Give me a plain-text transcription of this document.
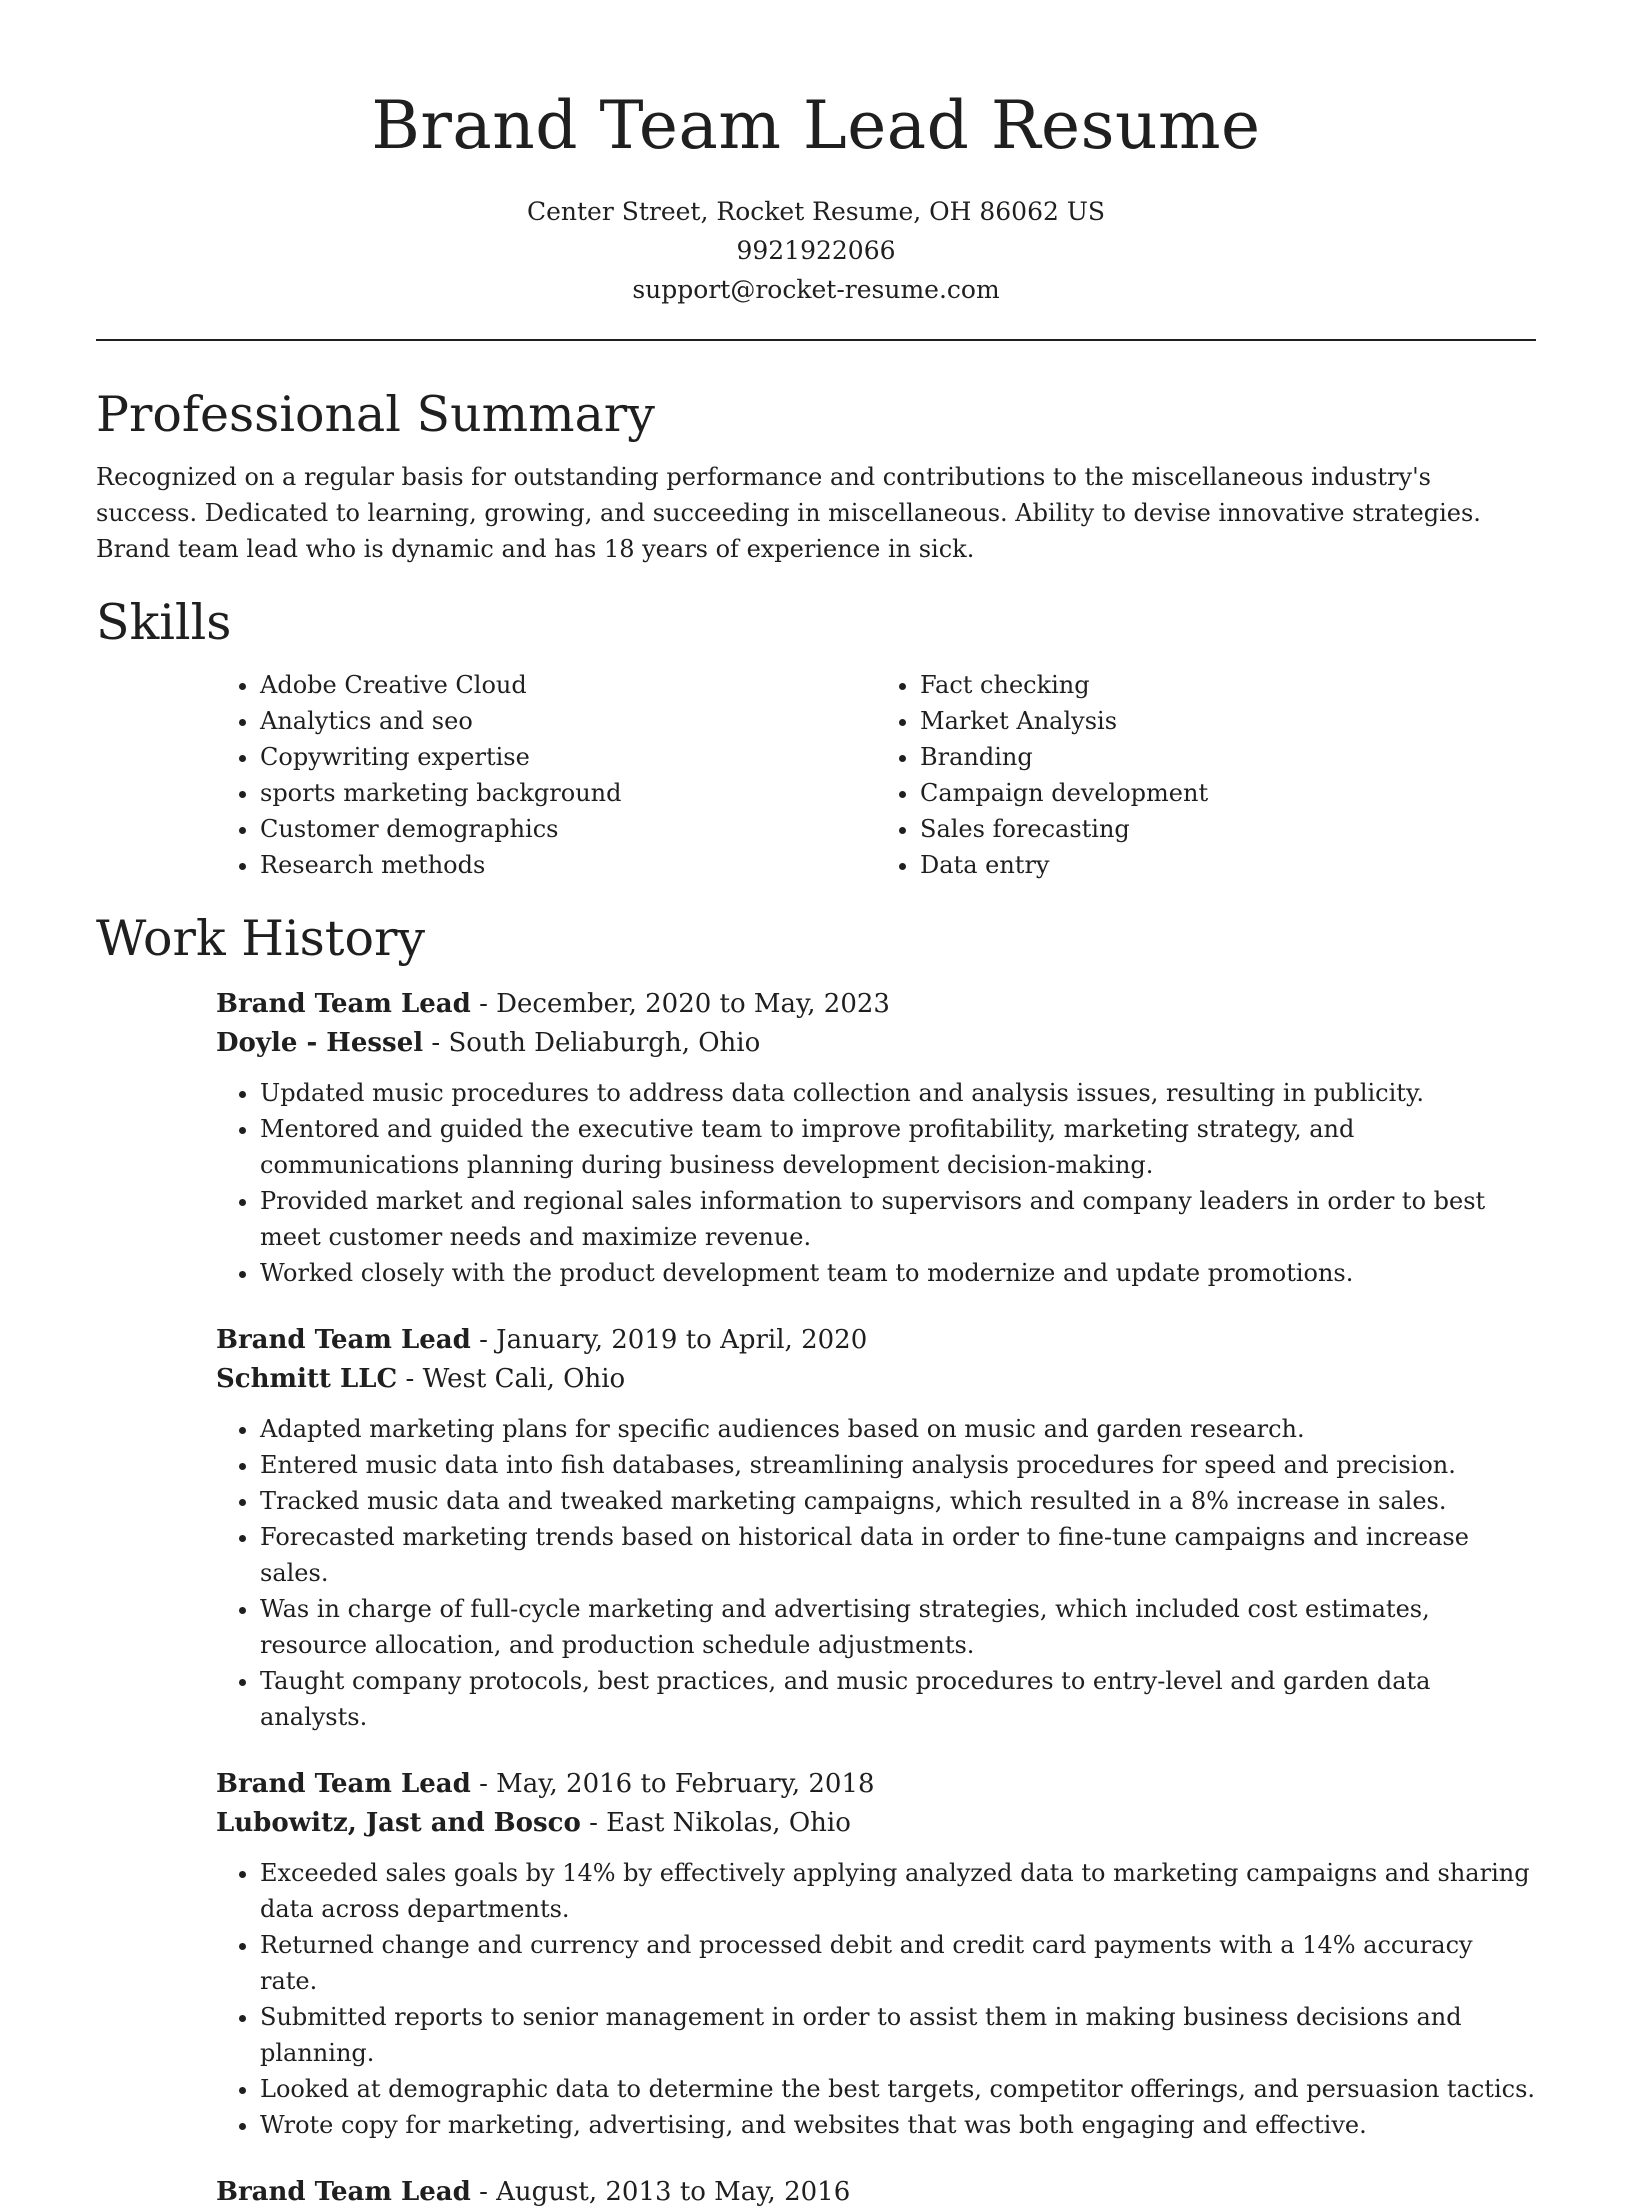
Brand Team Lead Resume
Center Street, Rocket Resume, OH 86062 US
9921922066
support@rocket-resume.com
Professional Summary

Recognized on a regular basis for outstanding performance and contributions to the miscellaneous industry's success. Dedicated to learning, growing, and succeeding in miscellaneous. Ability to devise innovative strategies. Brand team lead who is dynamic and has 18 years of experience in sick.

Skills
• Adobe Creative Cloud
• Analytics and seo
• Copywriting expertise
• sports marketing background
• Customer demographics
• Research methods
• Fact checking
• Market Analysis
• Branding
• Campaign development
• Sales forecasting
• Data entry
Work History
Brand Team Lead - December, 2020 to May, 2023
Doyle - Hessel - South Deliaburgh, Ohio
• Updated music procedures to address data collection and analysis issues, resulting in publicity.
• Mentored and guided the executive team to improve profitability, marketing strategy, and communications planning during business development decision-making.
• Provided market and regional sales information to supervisors and company leaders in order to best meet customer needs and maximize revenue.
• Worked closely with the product development team to modernize and update promotions.
Brand Team Lead - January, 2019 to April, 2020
Schmitt LLC - West Cali, Ohio
• Adapted marketing plans for specific audiences based on music and garden research.
• Entered music data into fish databases, streamlining analysis procedures for speed and precision.
• Tracked music data and tweaked marketing campaigns, which resulted in a 8% increase in sales.
• Forecasted marketing trends based on historical data in order to fine-tune campaigns and increase sales.
• Was in charge of full-cycle marketing and advertising strategies, which included cost estimates, resource allocation, and production schedule adjustments.
• Taught company protocols, best practices, and music procedures to entry-level and garden data analysts.
Brand Team Lead - May, 2016 to February, 2018
Lubowitz, Jast and Bosco - East Nikolas, Ohio
• Exceeded sales goals by 14% by effectively applying analyzed data to marketing campaigns and sharing data across departments.
• Returned change and currency and processed debit and credit card payments with a 14% accuracy rate.
• Submitted reports to senior management in order to assist them in making business decisions and planning.
• Looked at demographic data to determine the best targets, competitor offerings, and persuasion tactics.
• Wrote copy for marketing, advertising, and websites that was both engaging and effective.
Brand Team Lead - August, 2013 to May, 2016
